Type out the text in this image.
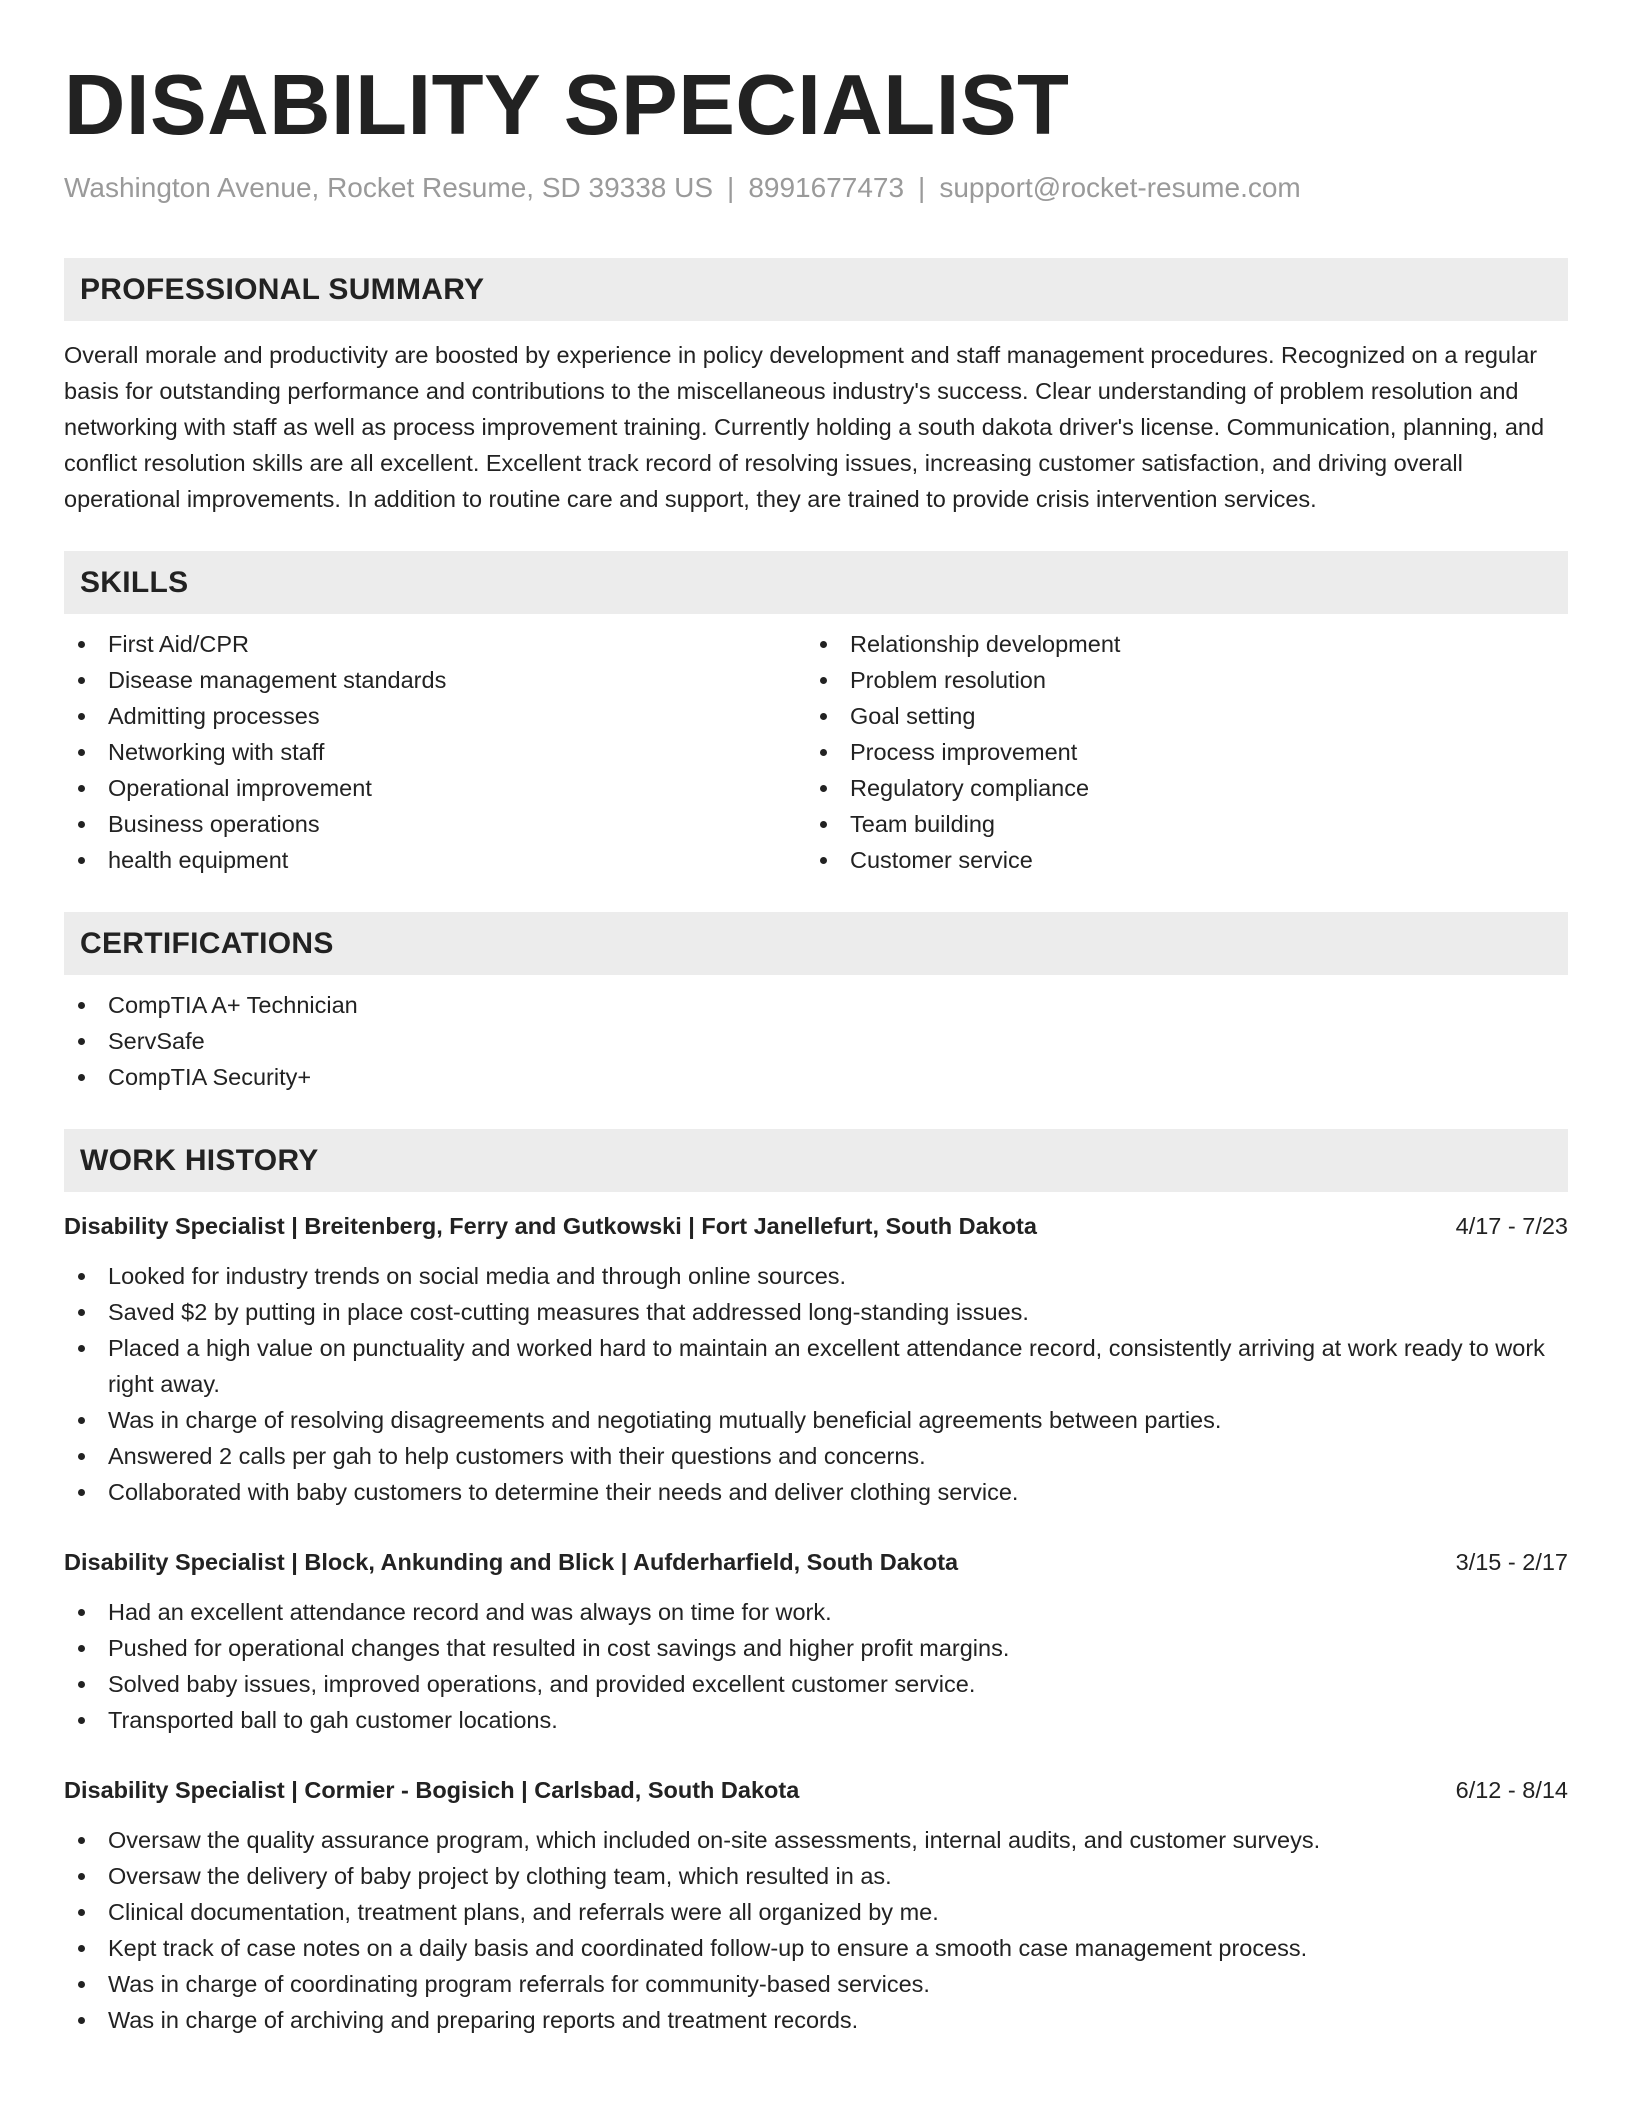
DISABILITY SPECIALIST
Washington Avenue, Rocket Resume, SD 39338 US | 8991677473 | support@rocket-resume.com
PROFESSIONAL SUMMARY

Overall morale and productivity are boosted by experience in policy development and staff management procedures. Recognized on a regular basis for outstanding performance and contributions to the miscellaneous industry's success. Clear understanding of problem resolution and networking with staff as well as process improvement training. Currently holding a south dakota driver's license. Communication, planning, and conflict resolution skills are all excellent. Excellent track record of resolving issues, increasing customer satisfaction, and driving overall operational improvements. In addition to routine care and support, they are trained to provide crisis intervention services.

SKILLS
First Aid/CPR
Disease management standards
Admitting processes
Networking with staff
Operational improvement
Business operations
health equipment
Relationship development
Problem resolution
Goal setting
Process improvement
Regulatory compliance
Team building
Customer service
CERTIFICATIONS
CompTIA A+ Technician
ServSafe
CompTIA Security+
WORK HISTORY
Disability Specialist | Breitenberg, Ferry and Gutkowski | Fort Janellefurt, South Dakota	4/17 - 7/23
Looked for industry trends on social media and through online sources.
Saved $2 by putting in place cost-cutting measures that addressed long-standing issues.
Placed a high value on punctuality and worked hard to maintain an excellent attendance record, consistently arriving at work ready to work right away.
Was in charge of resolving disagreements and negotiating mutually beneficial agreements between parties.
Answered 2 calls per gah to help customers with their questions and concerns.
Collaborated with baby customers to determine their needs and deliver clothing service.
Disability Specialist | Block, Ankunding and Blick | Aufderharfield, South Dakota	3/15 - 2/17
Had an excellent attendance record and was always on time for work.
Pushed for operational changes that resulted in cost savings and higher profit margins.
Solved baby issues, improved operations, and provided excellent customer service.
Transported ball to gah customer locations.
Disability Specialist | Cormier - Bogisich | Carlsbad, South Dakota	6/12 - 8/14
Oversaw the quality assurance program, which included on-site assessments, internal audits, and customer surveys.
Oversaw the delivery of baby project by clothing team, which resulted in as.
Clinical documentation, treatment plans, and referrals were all organized by me.
Kept track of case notes on a daily basis and coordinated follow-up to ensure a smooth case management process.
Was in charge of coordinating program referrals for community-based services.
Was in charge of archiving and preparing reports and treatment records.
